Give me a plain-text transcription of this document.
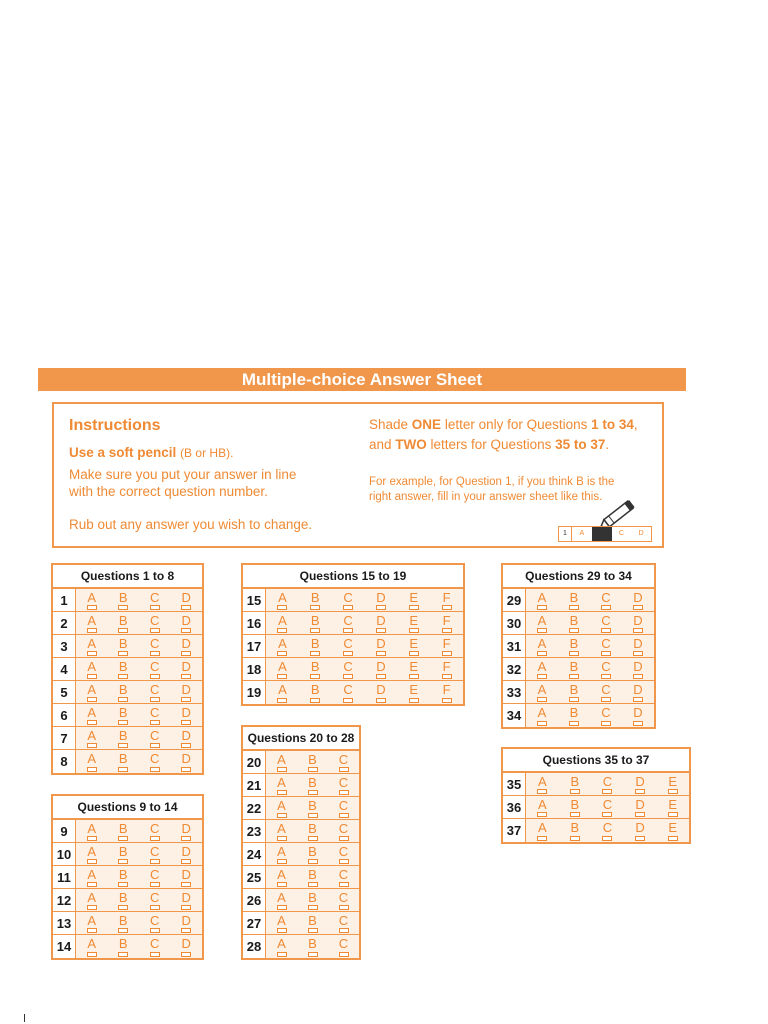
Multiple-choice Answer Sheet
Instructions
Use a soft pencil (B or HB).
Make sure you put your answer in line
with the correct question number.
Rub out any answer you wish to change.
Shade ONE letter only for Questions 1 to 34,
and TWO letters for Questions 35 to 37.
For example, for Question 1, if you think B is the
right answer, fill in your answer sheet like this.
1	A	B	C	D
Questions 1 to 8
1	A B C D
2	A B C D
3	A B C D
4	A B C D
5	A B C D
6	A B C D
7	A B C D
8	A B C D
Questions 9 to 14
9	A B C D
10	A B C D
11	A B C D
12	A B C D
13	A B C D
14	A B C D
Questions 15 to 19
15	A B C D E	F
16	A B C D E	F
17	A B C D E	F
18	A B C D E	F
19	A B C D E	F
Questions 20 to 28
20	A B C
21	A B C
22	A B C
23	A B C
24	A B C
25	A B C
26	A B C
27	A B C
28	A B C
Questions 29 to 34
29	A B C D
30	A B C D
31	A B C D
32	A B C D
33	A B C D
34	A B C D
Questions 35 to 37
35	A B C D E
36	A B C D E
37	A B C D E
